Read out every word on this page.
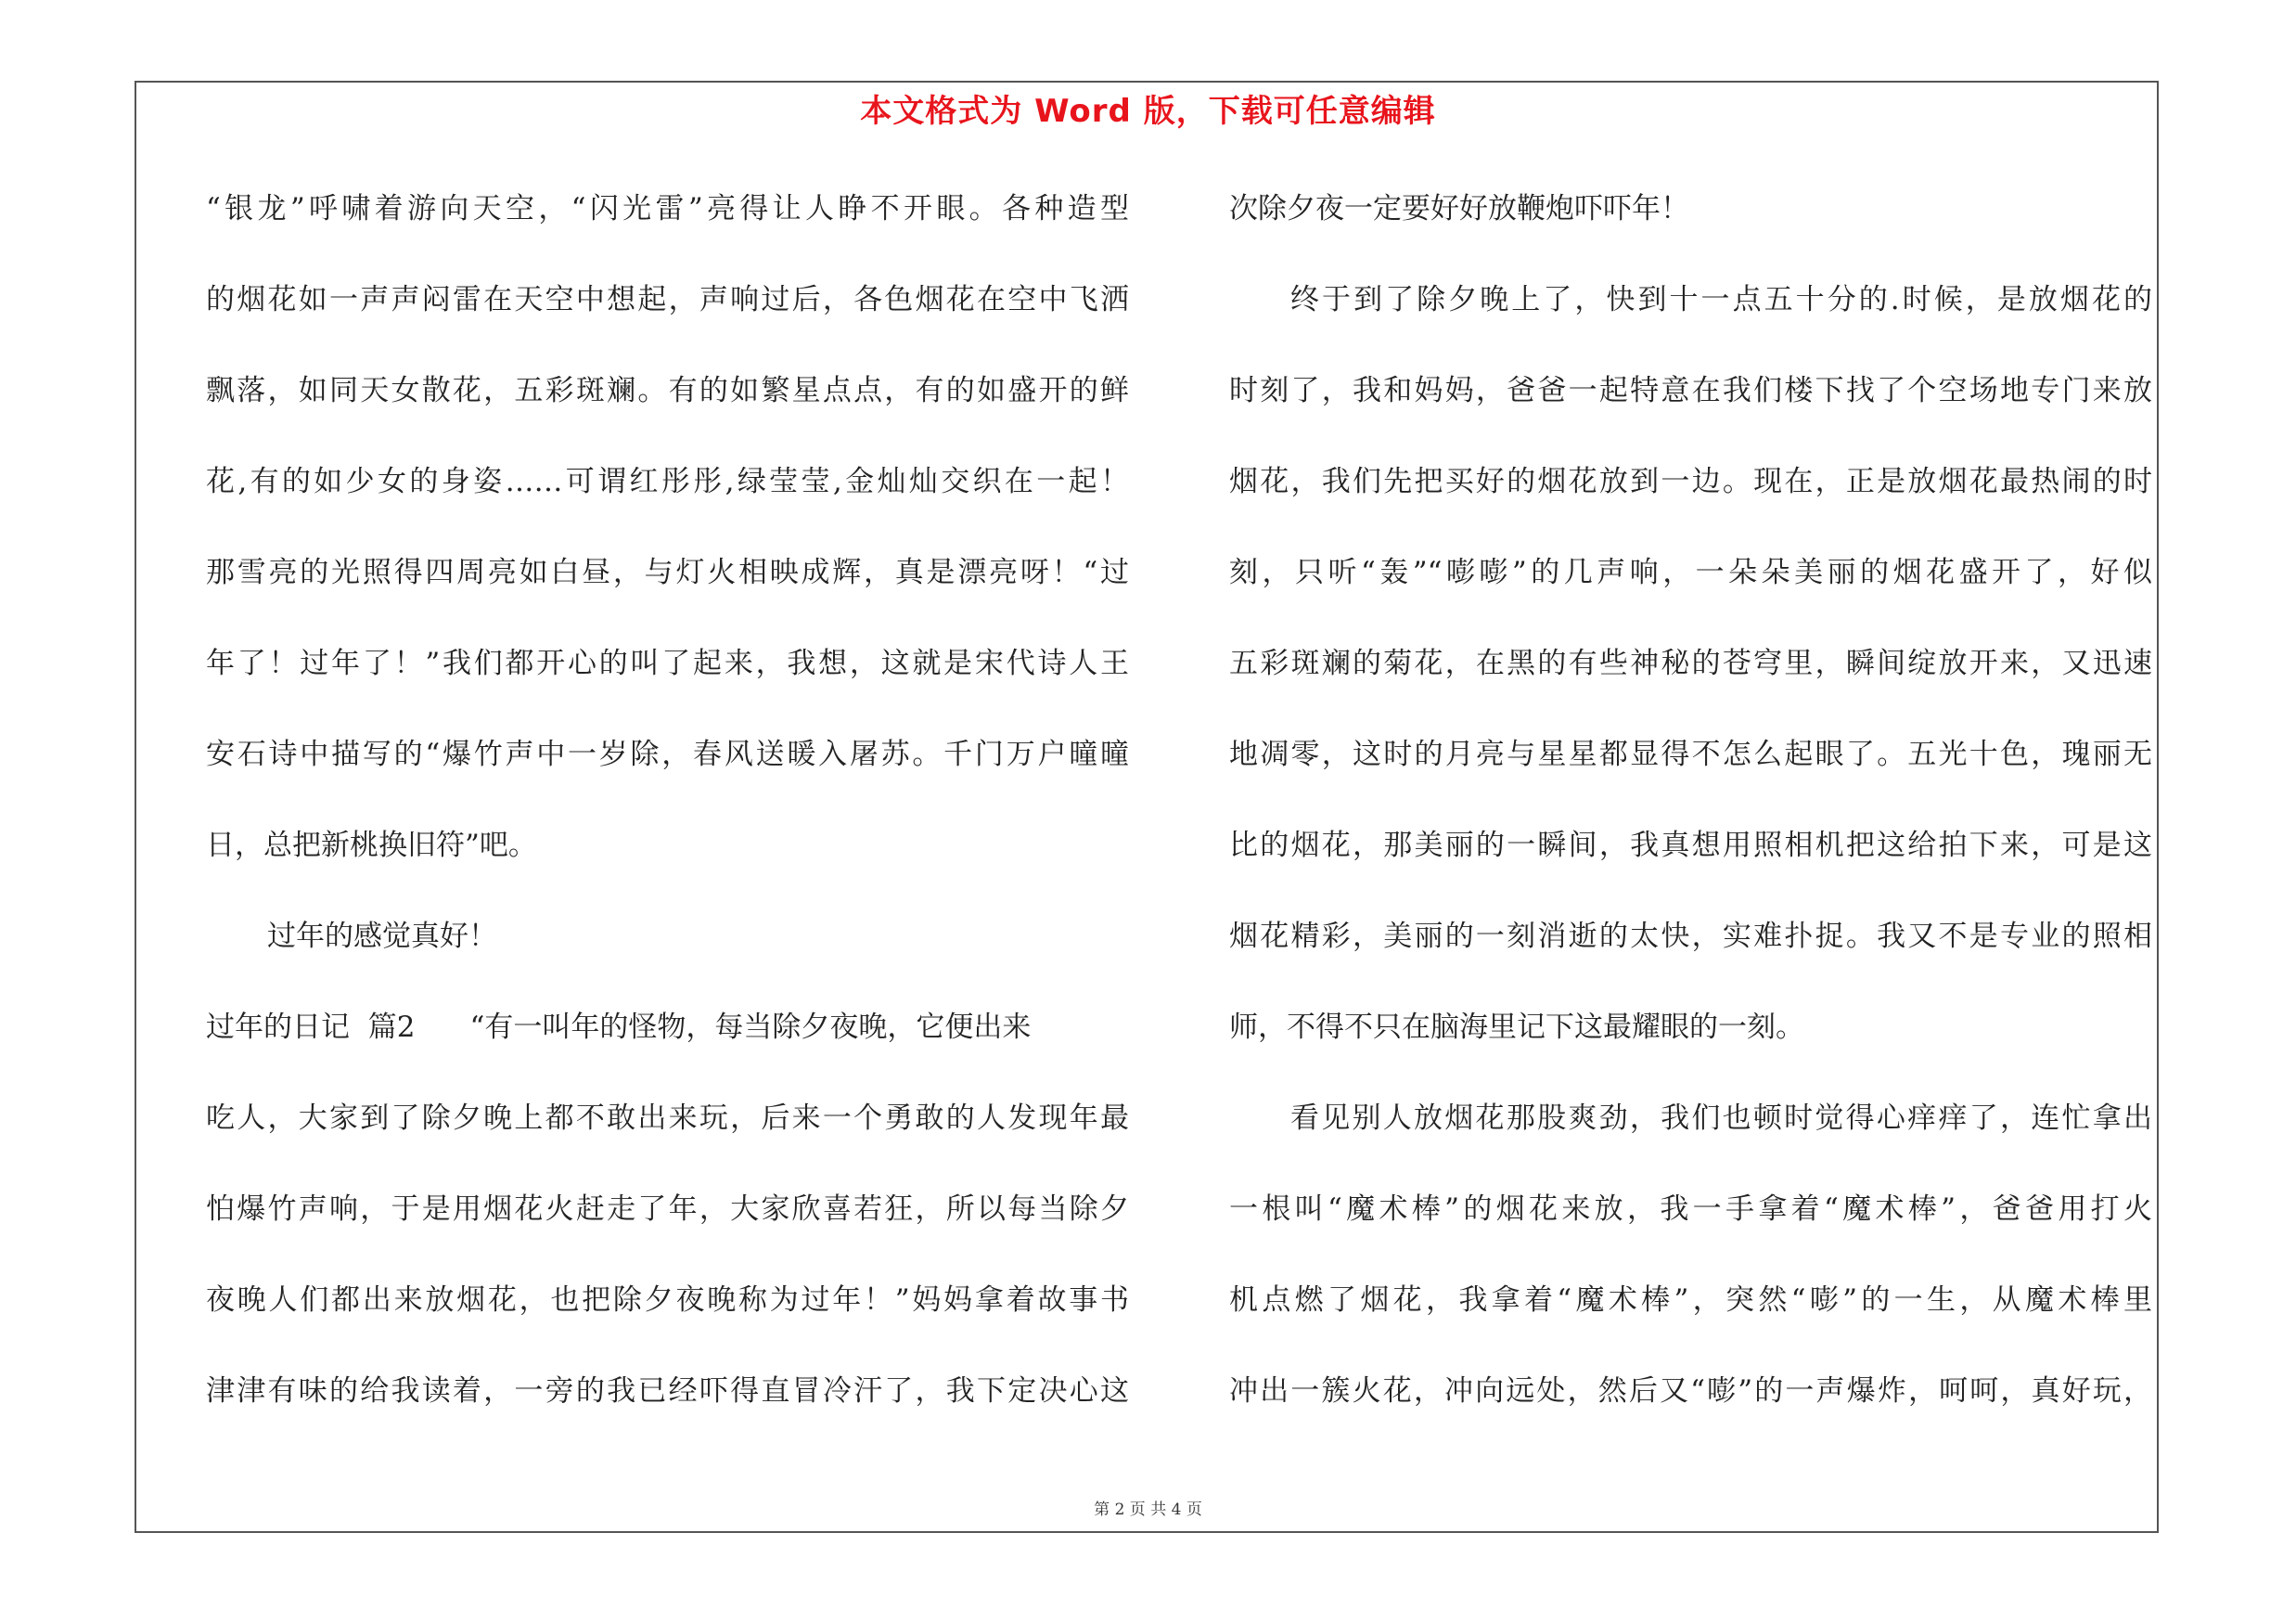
本文格式为 Word 版，下载可任意编辑
“银龙”呼啸着游向天空，“闪光雷”亮得让人睁不开眼。各种造型
的烟花如一声声闷雷在天空中想起，声响过后，各色烟花在空中飞洒
飘落，如同天女散花，五彩斑斓。有的如繁星点点，有的如盛开的鲜
花,有的如少女的身姿……可谓红彤彤,绿莹莹,金灿灿交织在一起！
那雪亮的光照得四周亮如白昼，与灯火相映成辉，真是漂亮呀！“过
年了！过年了！”我们都开心的叫了起来，我想，这就是宋代诗人王
安石诗中描写的“爆竹声中一岁除，春风送暖入屠苏。千门万户曈曈
日，总把新桃换旧符”吧。
过年的感觉真好！
过年的日记  篇2      “有一叫年的怪物，每当除夕夜晚，它便出来
吃人，大家到了除夕晚上都不敢出来玩，后来一个勇敢的人发现年最
怕爆竹声响，于是用烟花火赶走了年，大家欣喜若狂，所以每当除夕
夜晚人们都出来放烟花，也把除夕夜晚称为过年！”妈妈拿着故事书
津津有味的给我读着，一旁的我已经吓得直冒冷汗了，我下定决心这
次除夕夜一定要好好放鞭炮吓吓年！
终于到了除夕晚上了，快到十一点五十分的.时候，是放烟花的
时刻了，我和妈妈，爸爸一起特意在我们楼下找了个空场地专门来放
烟花，我们先把买好的烟花放到一边。现在，正是放烟花最热闹的时
刻，只听“轰”“嘭嘭”的几声响，一朵朵美丽的烟花盛开了，好似
五彩斑斓的菊花，在黑的有些神秘的苍穹里，瞬间绽放开来，又迅速
地凋零，这时的月亮与星星都显得不怎么起眼了。五光十色，瑰丽无
比的烟花，那美丽的一瞬间，我真想用照相机把这给拍下来，可是这
烟花精彩，美丽的一刻消逝的太快，实难扑捉。我又不是专业的照相
师，不得不只在脑海里记下这最耀眼的一刻。
看见别人放烟花那股爽劲，我们也顿时觉得心痒痒了，连忙拿出
一根叫“魔术棒”的烟花来放，我一手拿着“魔术棒”，爸爸用打火
机点燃了烟花，我拿着“魔术棒”，突然“嘭”的一生，从魔术棒里
冲出一簇火花，冲向远处，然后又“嘭”的一声爆炸，呵呵，真好玩，
第 2 页 共 4 页
